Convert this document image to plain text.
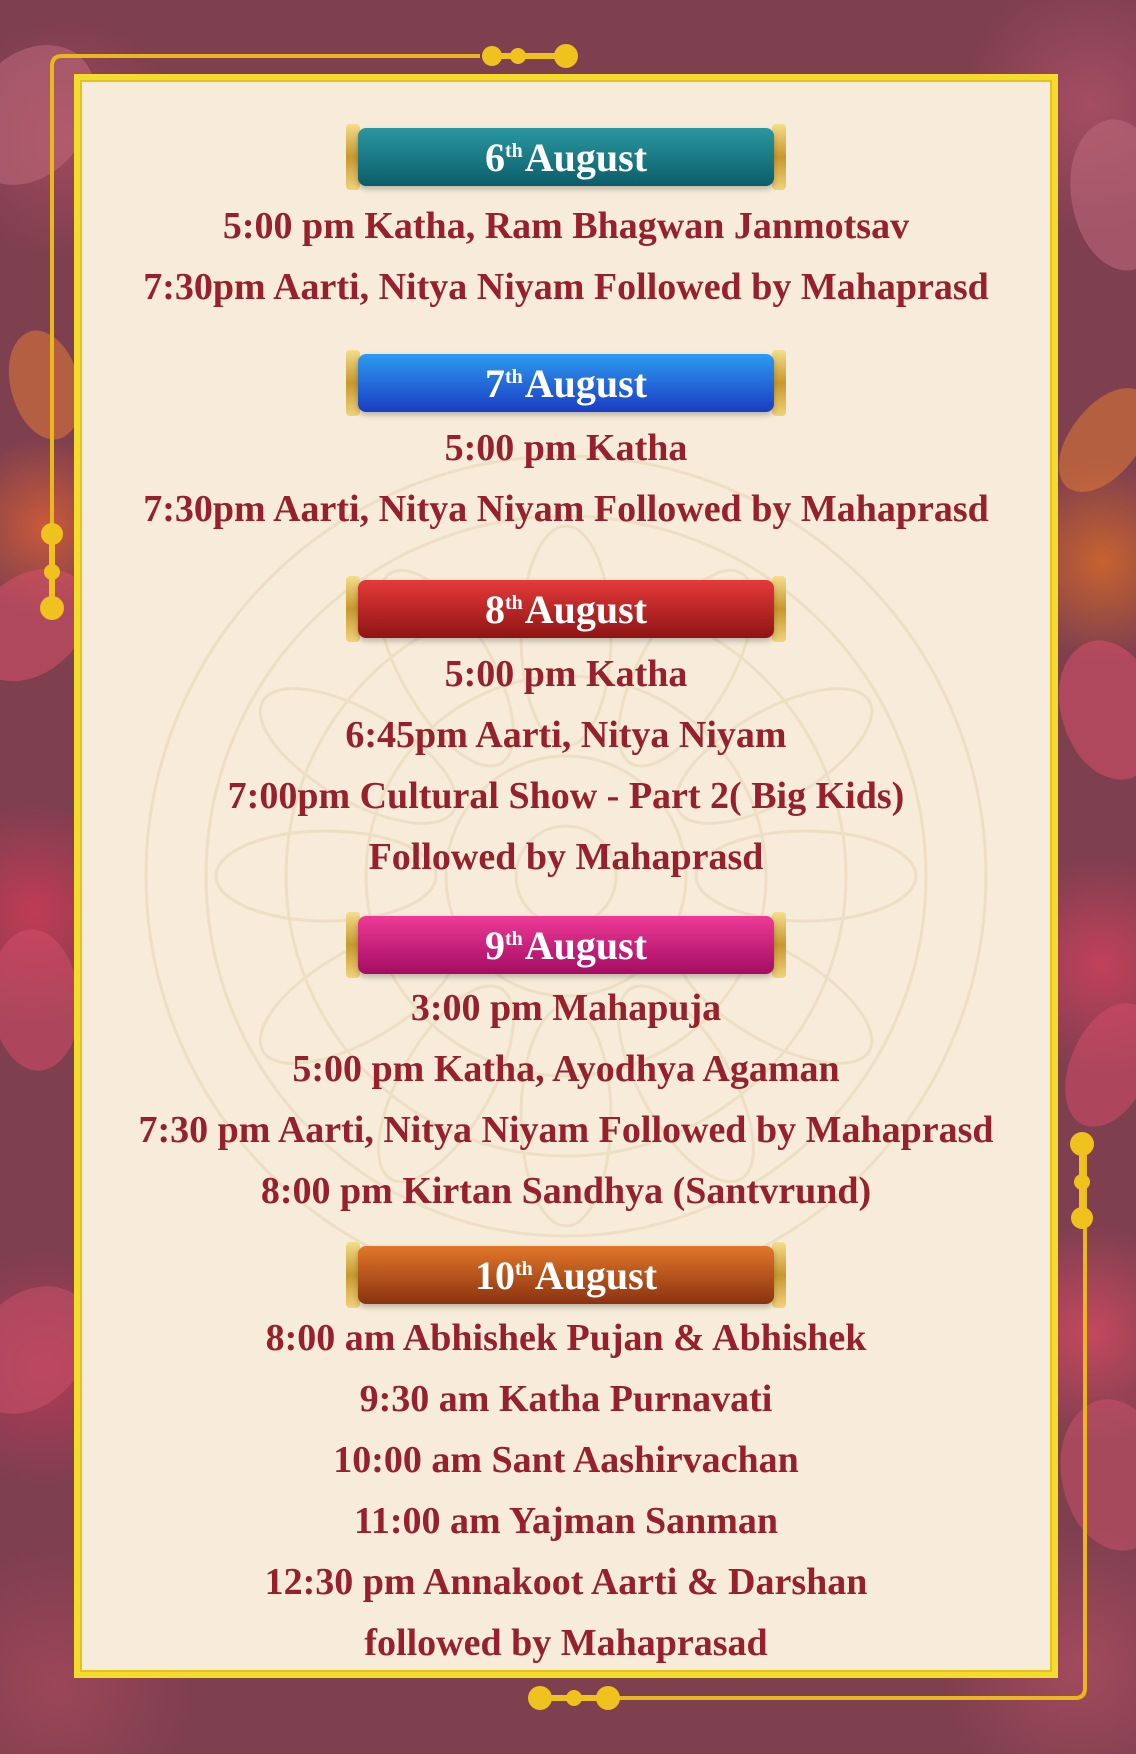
6th August
5:00 pm Katha, Ram Bhagwan Janmotsav
7:30pm Aarti, Nitya Niyam Followed by Mahaprasd
7th August
5:00 pm Katha
7:30pm Aarti, Nitya Niyam Followed by Mahaprasd
8th August
5:00 pm Katha
6:45pm Aarti, Nitya Niyam
7:00pm Cultural Show - Part 2( Big Kids)
Followed by Mahaprasd
9th August
3:00 pm Mahapuja
5:00 pm Katha, Ayodhya Agaman
7:30 pm Aarti, Nitya Niyam Followed by Mahaprasd
8:00 pm Kirtan Sandhya (Santvrund)
10th August
8:00 am Abhishek Pujan & Abhishek
9:30 am Katha Purnavati
10:00 am Sant Aashirvachan
11:00 am Yajman Sanman
12:30 pm Annakoot Aarti & Darshan
followed by Mahaprasad
